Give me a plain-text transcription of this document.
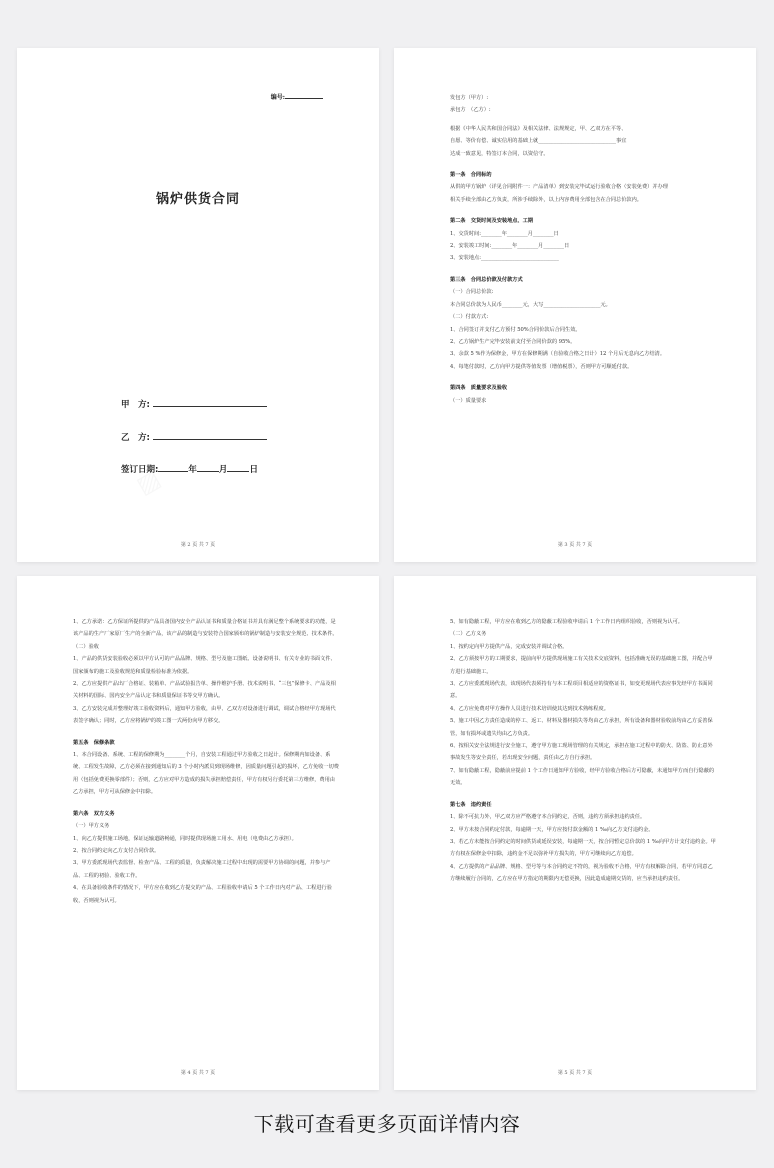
编号:
锅炉供货合同
甲　方:
乙　方:
签订日期:	年	月	日
第 2 页 共 7 页

发包方（甲方）:

承包方　（乙方）:

根据《中华人民共和国合同法》及相关法律、法规规定，甲、乙双方在平等、

自愿、等价有偿、诚实信用的基础上就______________________________事宜

达成一致意见，特签订本合同，以资信守。

第一条　合同标的

从供的甲方锅炉（详见合同附件一：产品清单）到安装完毕试运行验收合格（安装免费）并办理

相关手续全部由乙方负责，所涉手续除外，以上内容费用全部包含在合同总价款内。

第二条　交货时间及安装地点、工期

1、交货时间:________年________月________日

2、安装竣工时间:________年________月________日

3、安装地点:______________________________

第三条　合同总价款及付款方式

（一）合同总价款:

本合同总价款为人民币________元，大写______________________元。

（二）付款方式:

1、合同签订并支付乙方预付 50%合同价款后合同生效。

2、乙方锅炉生产完毕安装前支付至合同价款的 95%。

3、余款 5 %作为保修金，甲方在保修期满（自验收合格之日计）12 个月后无息向乙方结清。

4、每笔付款时，乙方向甲方提供等值发票（增值税票），否则甲方可顺延付款。

第四条　质量要求及验收

（一）质量要求

第 3 页 共 7 页

1、乙方承诺：乙方保证所提供的产品具备国内安全产品认证书和质量合格证书并具有满足整个系统要求的功能，是该产品的生产厂家原厂生产的全新产品，该产品的制造与安装符合国家颁布的锅炉制造与安装安全规范、技术条件。

（二）验收

1、产品的供货安装验收必须以甲方认可的产品品牌、规格、型号及施工图纸、设备说明书、有关专业的书面文件、国家颁布的施工及验收规范和质量检验标准为依据。

2、乙方应提供产品出厂合格证、装箱单、产品试验报告单、操作维护手册、技术说明书、“三包”保修卡、产品及相关材料的国际、国内安全产品认定书和质量保证书等交甲方确认。

3、乙方安装完成并整理好竣工验收资料后，通知甲方验收，由甲、乙双方对设备进行调试，调试合格经甲方现场代表签字确认；同时，乙方应将锅炉的竣工图一式两份向甲方移交。

第五条　保修条款

1、本合同设备、系统、工程的保修期为________个月，自安装工程通过甲方验收之日起计。保修期内如设备、系统、工程发生故障，乙方必须在接到通知后的 3 个小时内派员到现场维修，因质量问题引起的损坏，乙方免收一切费用（包括免费更换零部件）；否则，乙方应对甲方造成的损失承担赔偿责任，甲方有权另行委托第三方维修，费用由乙方承担，甲方可从保修金中扣除。

第六条　双方义务

（一）甲方义务

1、向乙方提供施工场地，保证运输道路畅通，同时提供现场施工用水、用电（电费由乙方承担）。

2、按合同约定向乙方支付合同价款。

3、甲方委派现场代表监督、检查产品、工程的质量，负责解决施工过程中出现的需要甲方协调的问题，并参与产品、工程的初验、验收工作。

4、在具备验收条件的情况下，甲方应在收到乙方提交的产品、工程验收申请后 5 个工作日内对产品、工程进行验收，否则视为认可。

第 4 页 共 7 页

5、如有隐蔽工程，甲方应在收到乙方的隐蔽工程验收申请后 1 个工作日内组织验收，否则视为认可。

（二）乙方义务

1、按约定向甲方提供产品，完成安装并调试合格。

2、乙方须按甲方的工期要求，提前向甲方提供现场施工有关技术交底资料，包括准确无误的基础施工图，并配合甲方进行基础施工。

3、乙方应委派现场代表，该现场代表须持有与本工程项目相适应的资格证书，如变更现场代表应事先经甲方书面同意。

4、乙方应免费对甲方操作人员进行技术培训使其达到技术熟练程度。

5、施工中因乙方责任造成的停工、返工、材料及器材损失等均由乙方承担，所有设备和器材验收前均由乙方妥善保管，如有损坏或遗失均由乙方负责。

6、按相关安全法规进行安全施工，遵守甲方施工现场管理的有关规定，承担在施工过程中的防火、防盗、防止意外事故发生等安全责任，若出现安全问题，责任由乙方自行承担。

7、如有隐蔽工程，隐蔽前应提前 1 个工作日通知甲方验收，经甲方验收合格后方可隐蔽，未通知甲方而自行隐蔽的无效。

第七条　违约责任

1、除不可抗力外，甲乙双方应严格遵守本合同约定，否则，违约方须承担违约责任。

2、甲方未按合同约定付款，每逾期一天，甲方应按付款金额的 1 ‰向乙方支付违约金。

3、若乙方未能按合同约定的时间供货或延误安装，每逾期一天，按合同暂定总价款的 1 ‰向甲方计支付违约金。甲方有权在保修金中扣除，违约金不足以弥补甲方损失的，甲方可继续向乙方追偿。

4、乙方提供的产品品牌、规格、型号等与本合同约定不符的，视为验收不合格，甲方有权解除合同，若甲方同意乙方继续履行合同的，乙方应在甲方指定的期限内无偿更换，因此造成逾期交货的，应当承担违约责任。

第 5 页 共 7 页
下载可查看更多页面详情内容
